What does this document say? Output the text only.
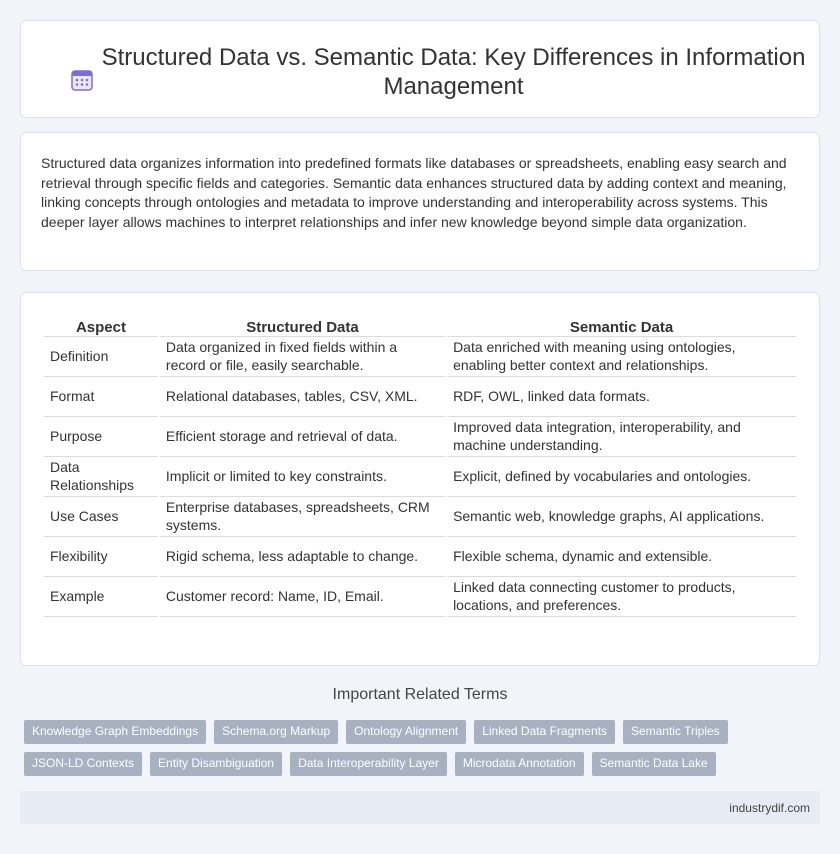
Structured Data vs. Semantic Data: Key Differences in Information Management

Structured data organizes information into predefined formats like databases or spreadsheets, enabling easy search and retrieval through specific fields and categories. Semantic data enhances structured data by adding context and meaning, linking concepts through ontologies and metadata to improve understanding and interoperability across systems. This deeper layer allows machines to interpret relationships and infer new knowledge beyond simple data organization.

Aspect	Structured Data	Semantic Data
Definition	Data organized in fixed fields within a record or file, easily searchable.	Data enriched with meaning using ontologies, enabling better context and relationships.
Format	Relational databases, tables, CSV, XML.	RDF, OWL, linked data formats.
Purpose	Efficient storage and retrieval of data.	Improved data integration, interoperability, and machine understanding.
Data Relationships	Implicit or limited to key constraints.	Explicit, defined by vocabularies and ontologies.
Use Cases	Enterprise databases, spreadsheets, CRM systems.	Semantic web, knowledge graphs, AI applications.
Flexibility	Rigid schema, less adaptable to change.	Flexible schema, dynamic and extensible.
Example	Customer record: Name, ID, Email.	Linked data connecting customer to products, locations, and preferences.
Important Related Terms
Knowledge Graph Embeddings	Schema.org Markup	Ontology Alignment	Linked Data Fragments	Semantic Triples
JSON-LD Contexts	Entity Disambiguation	Data Interoperability Layer	Microdata Annotation	Semantic Data Lake
industrydif.com
